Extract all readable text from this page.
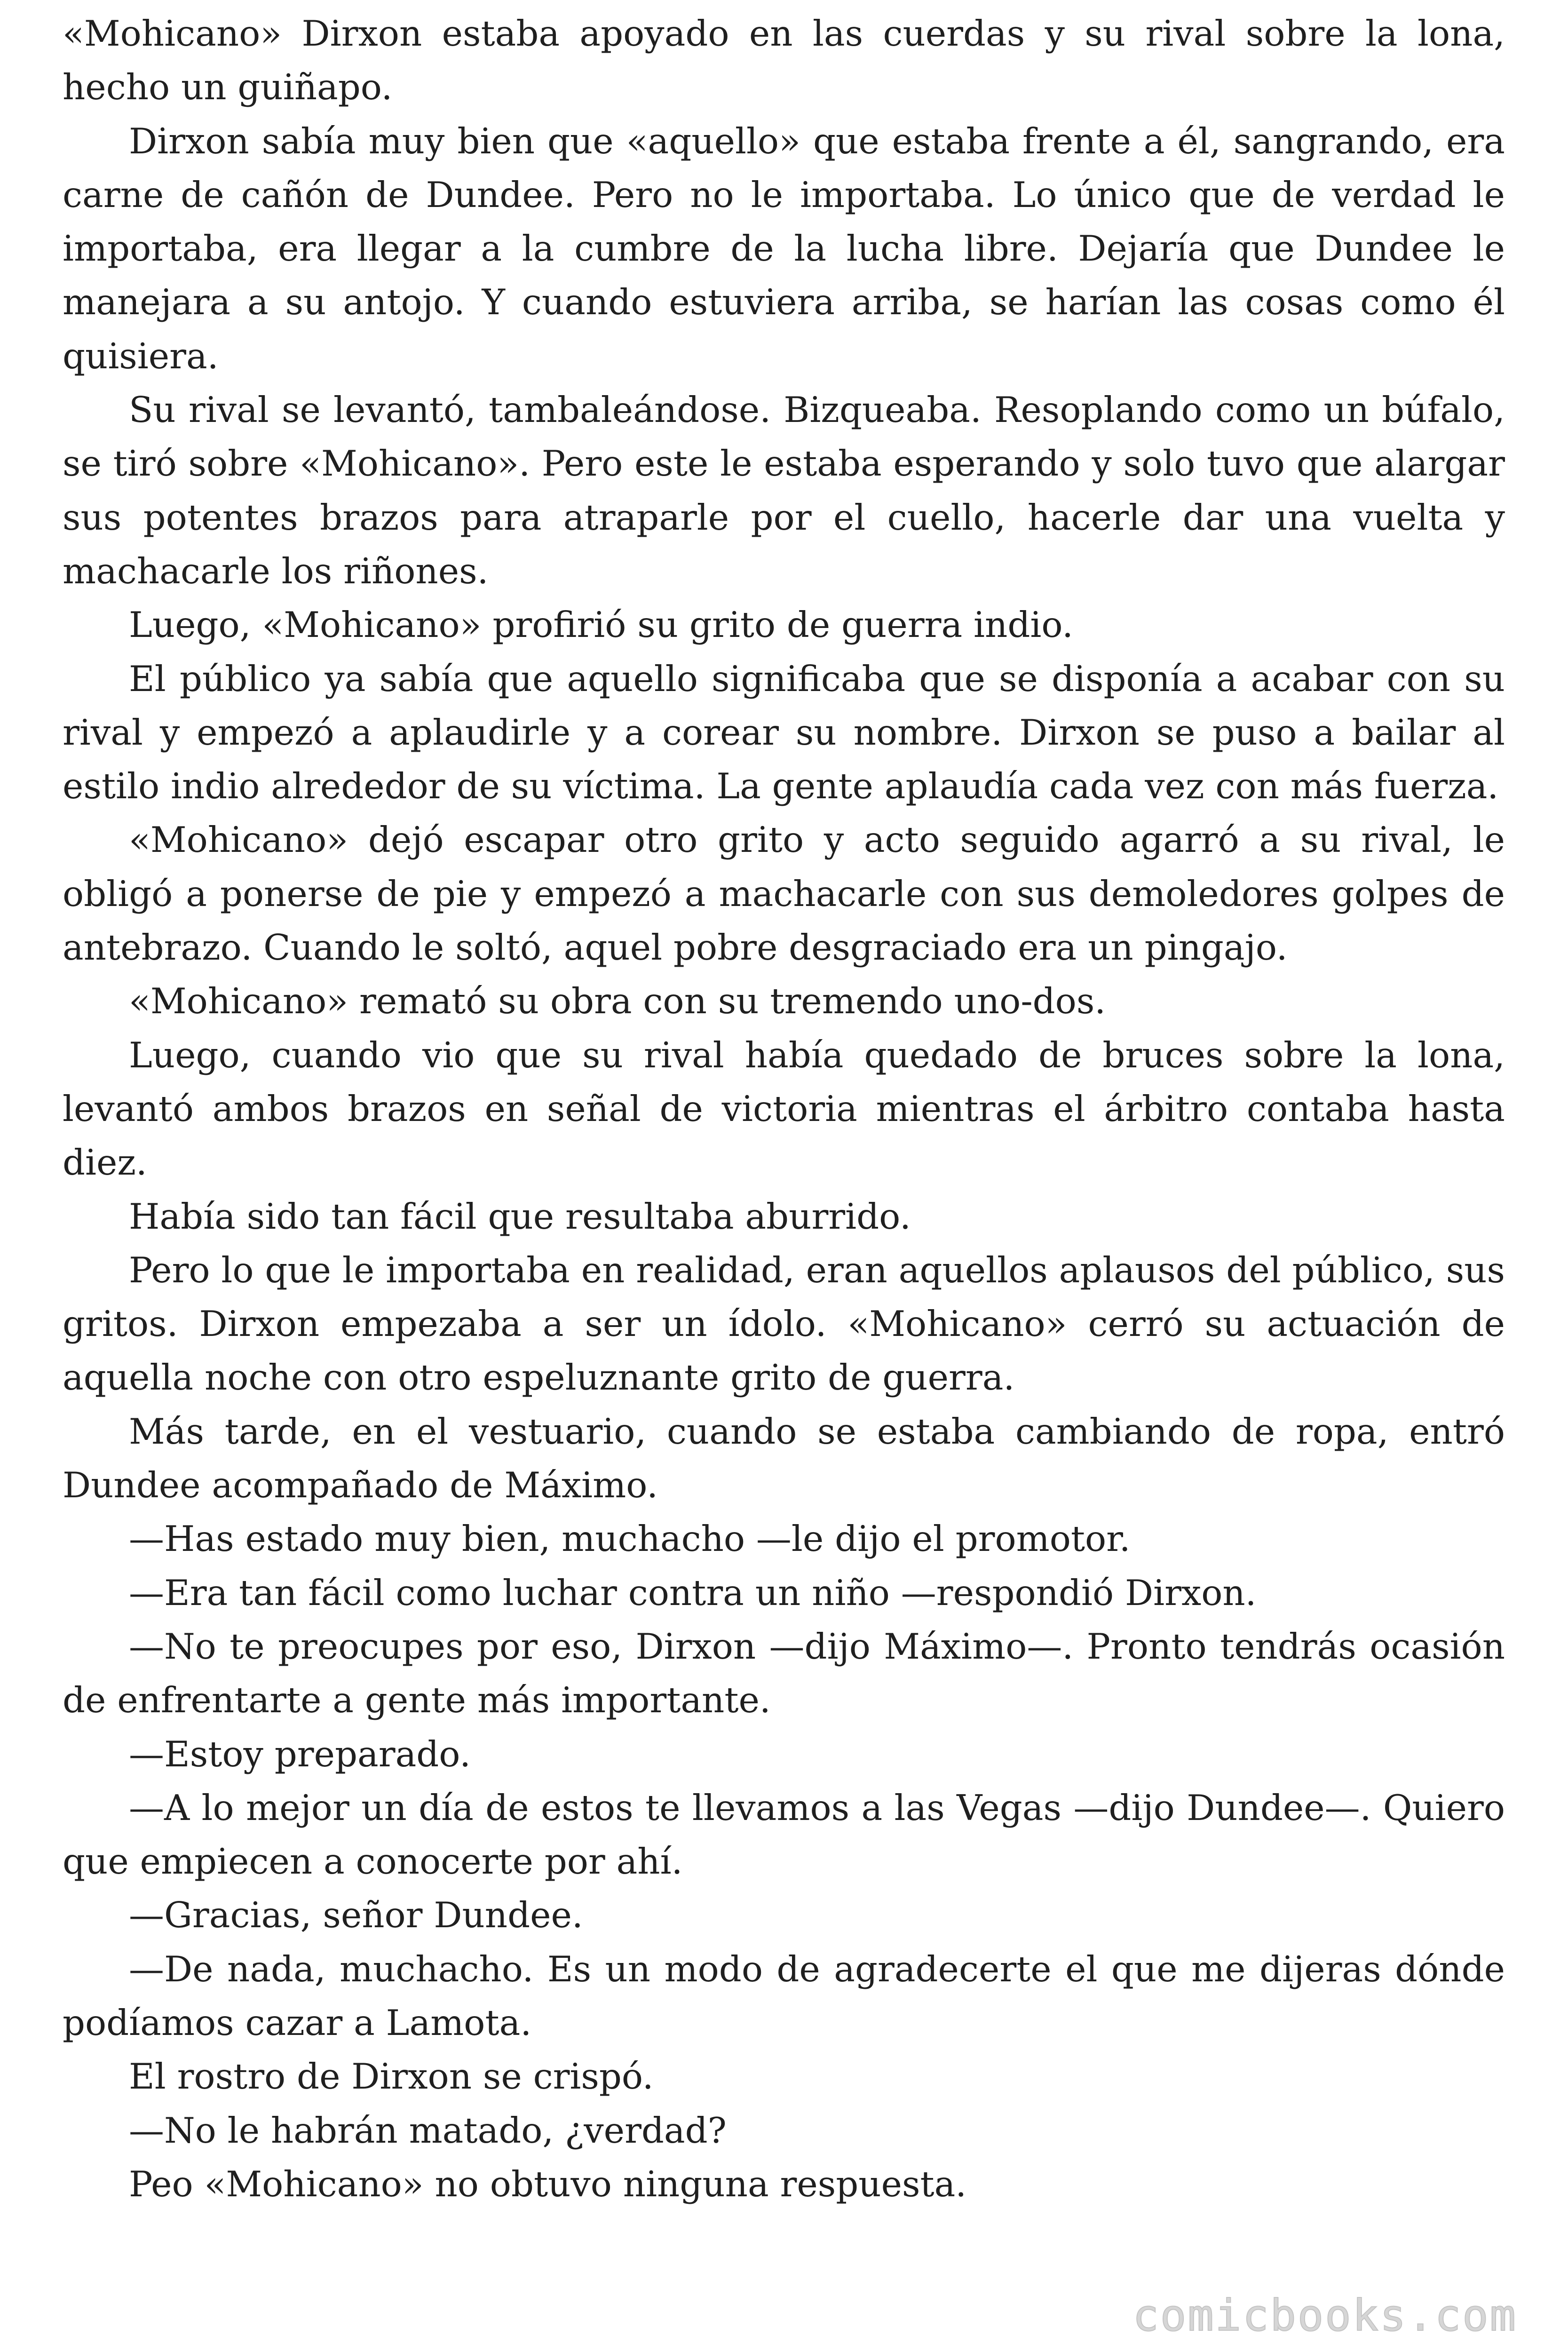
«Mohicano» Dirxon estaba apoyado en las cuerdas y su rival sobre la lona, hecho un guiñapo.

Dirxon sabía muy bien que «aquello» que estaba frente a él, sangrando, era carne de cañón de Dundee. Pero no le importaba. Lo único que de verdad le importaba, era llegar a la cumbre de la lucha libre. Dejaría que Dundee le manejara a su antojo. Y cuando estuviera arriba, se harían las cosas como él quisiera.

Su rival se levantó, tambaleándose. Bizqueaba. Resoplando como un búfalo, se tiró sobre «Mohicano». Pero este le estaba esperando y solo tuvo que alargar sus potentes brazos para atraparle por el cuello, hacerle dar una vuelta y machacarle los riñones.

Luego, «Mohicano» profirió su grito de guerra indio.

El público ya sabía que aquello significaba que se disponía a acabar con su rival y empezó a aplaudirle y a corear su nombre. Dirxon se puso a bailar al estilo indio alrededor de su víctima. La gente aplaudía cada vez con más fuerza.

«Mohicano» dejó escapar otro grito y acto seguido agarró a su rival, le obligó a ponerse de pie y empezó a machacarle con sus demoledores golpes de antebrazo. Cuando le soltó, aquel pobre desgraciado era un pingajo.

«Mohicano» remató su obra con su tremendo uno-dos.

Luego, cuando vio que su rival había quedado de bruces sobre la lona, levantó ambos brazos en señal de victoria mientras el árbitro contaba hasta diez.

Había sido tan fácil que resultaba aburrido.

Pero lo que le importaba en realidad, eran aquellos aplausos del público, sus gritos. Dirxon empezaba a ser un ídolo. «Mohicano» cerró su actuación de aquella noche con otro espeluznante grito de guerra.

Más tarde, en el vestuario, cuando se estaba cambiando de ropa, entró Dundee acompañado de Máximo.

—Has estado muy bien, muchacho —le dijo el promotor.

—Era tan fácil como luchar contra un niño —respondió Dirxon.

—No te preocupes por eso, Dirxon —dijo Máximo—. Pronto tendrás ocasión de enfrentarte a gente más importante.

—Estoy preparado.

—A lo mejor un día de estos te llevamos a las Vegas —dijo Dundee—. Quiero que empiecen a conocerte por ahí.

—Gracias, señor Dundee.

—De nada, muchacho. Es un modo de agradecerte el que me dijeras dónde podíamos cazar a Lamota.

El rostro de Dirxon se crispó.

—No le habrán matado, ¿verdad?

Peo «Mohicano» no obtuvo ninguna respuesta.

comicbooks.com
